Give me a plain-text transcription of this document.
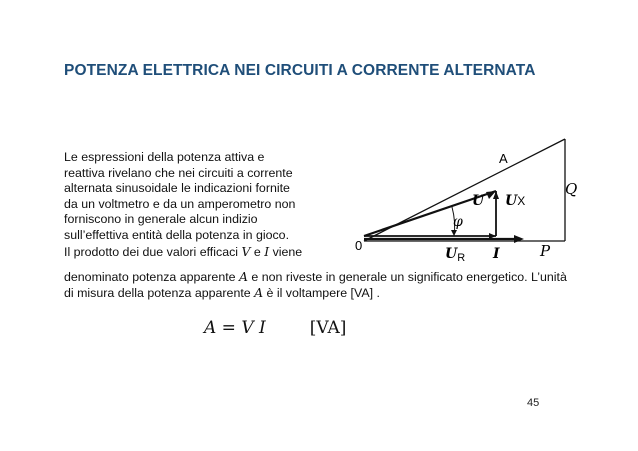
POTENZA ELETTRICA NEI CIRCUITI A CORRENTE ALTERNATA
Le espressioni della potenza attiva e
reattiva rivelano che nei circuiti a corrente
alternata sinusoidale le indicazioni fornite
da un voltmetro e da un amperometro non
forniscono in generale alcun indizio
sull’effettiva entità della potenza in gioco.
Il prodotto dei due valori efficaci V e I viene

denominato potenza apparente A e non riveste in generale un significato energetico. L’unità di misura della potenza apparente A è il voltampere [VA] .

A = V I	[VA]
A
Q
U UX
φ
0
$U_R$ I	P
45
